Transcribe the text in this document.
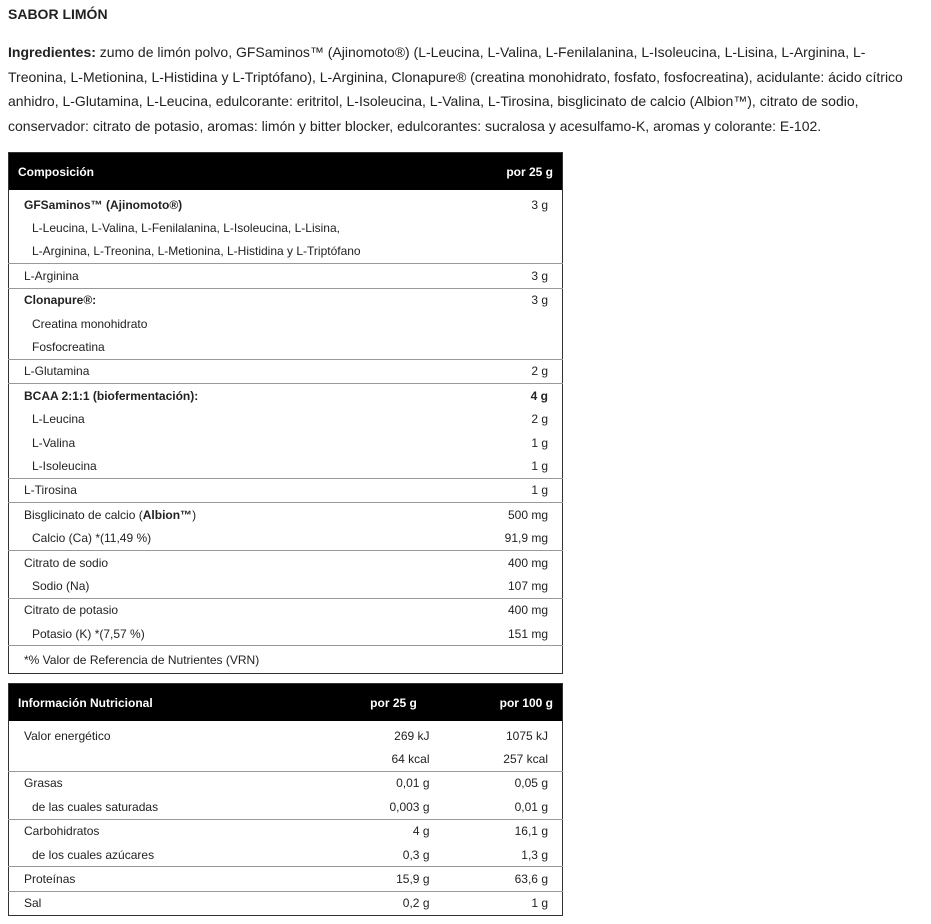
SABOR LIMÓN
Ingredientes: zumo de limón polvo, GFSaminos™ (Ajinomoto®) (L-Leucina, L-Valina, L-Fenilalanina, L-Isoleucina, L-Lisina, L-Arginina, L-Treonina, L-Metionina, L-Histidina y L-Triptófano), L-Arginina, Clonapure® (creatina monohidrato, fosfato, fosfocreatina), acidulante: ácido cítrico anhidro, L-Glutamina, L-Leucina, edulcorante: eritritol, L-Isoleucina, L-Valina, L-Tirosina, bisglicinato de calcio (Albion™), citrato de sodio, conservador: citrato de potasio, aromas: limón y bitter blocker, edulcorantes: sucralosa y acesulfamo-K, aromas y colorante: E-102.
Composición	por 25 g
GFSaminos™ (Ajinomoto®)	3 g
L-Leucina, L-Valina, L-Fenilalanina, L-Isoleucina, L-Lisina,	
L-Arginina, L-Treonina, L-Metionina, L-Histidina y L-Triptófano	
L-Arginina	3 g
Clonapure®:	3 g
Creatina monohidrato	
Fosfocreatina	
L-Glutamina	2 g
BCAA 2:1:1 (biofermentación):	4 g
L-Leucina	2 g
L-Valina	1 g
L-Isoleucina	1 g
L-Tirosina	1 g
Bisglicinato de calcio (Albion™)	500 mg
Calcio (Ca) *(11,49 %)	91,9 mg
Citrato de sodio	400 mg
Sodio (Na)	107 mg
Citrato de potasio	400 mg
Potasio (K) *(7,57 %)	151 mg
*% Valor de Referencia de Nutrientes (VRN)	
Información Nutricional	por 25 g	por 100 g
Valor energético	269 kJ	1075 kJ
	64 kcal	257 kcal
Grasas	0,01 g	0,05 g
de las cuales saturadas	0,003 g	0,01 g
Carbohidratos	4 g	16,1 g
de los cuales azúcares	0,3 g	1,3 g
Proteínas	15,9 g	63,6 g
Sal	0,2 g	1 g
